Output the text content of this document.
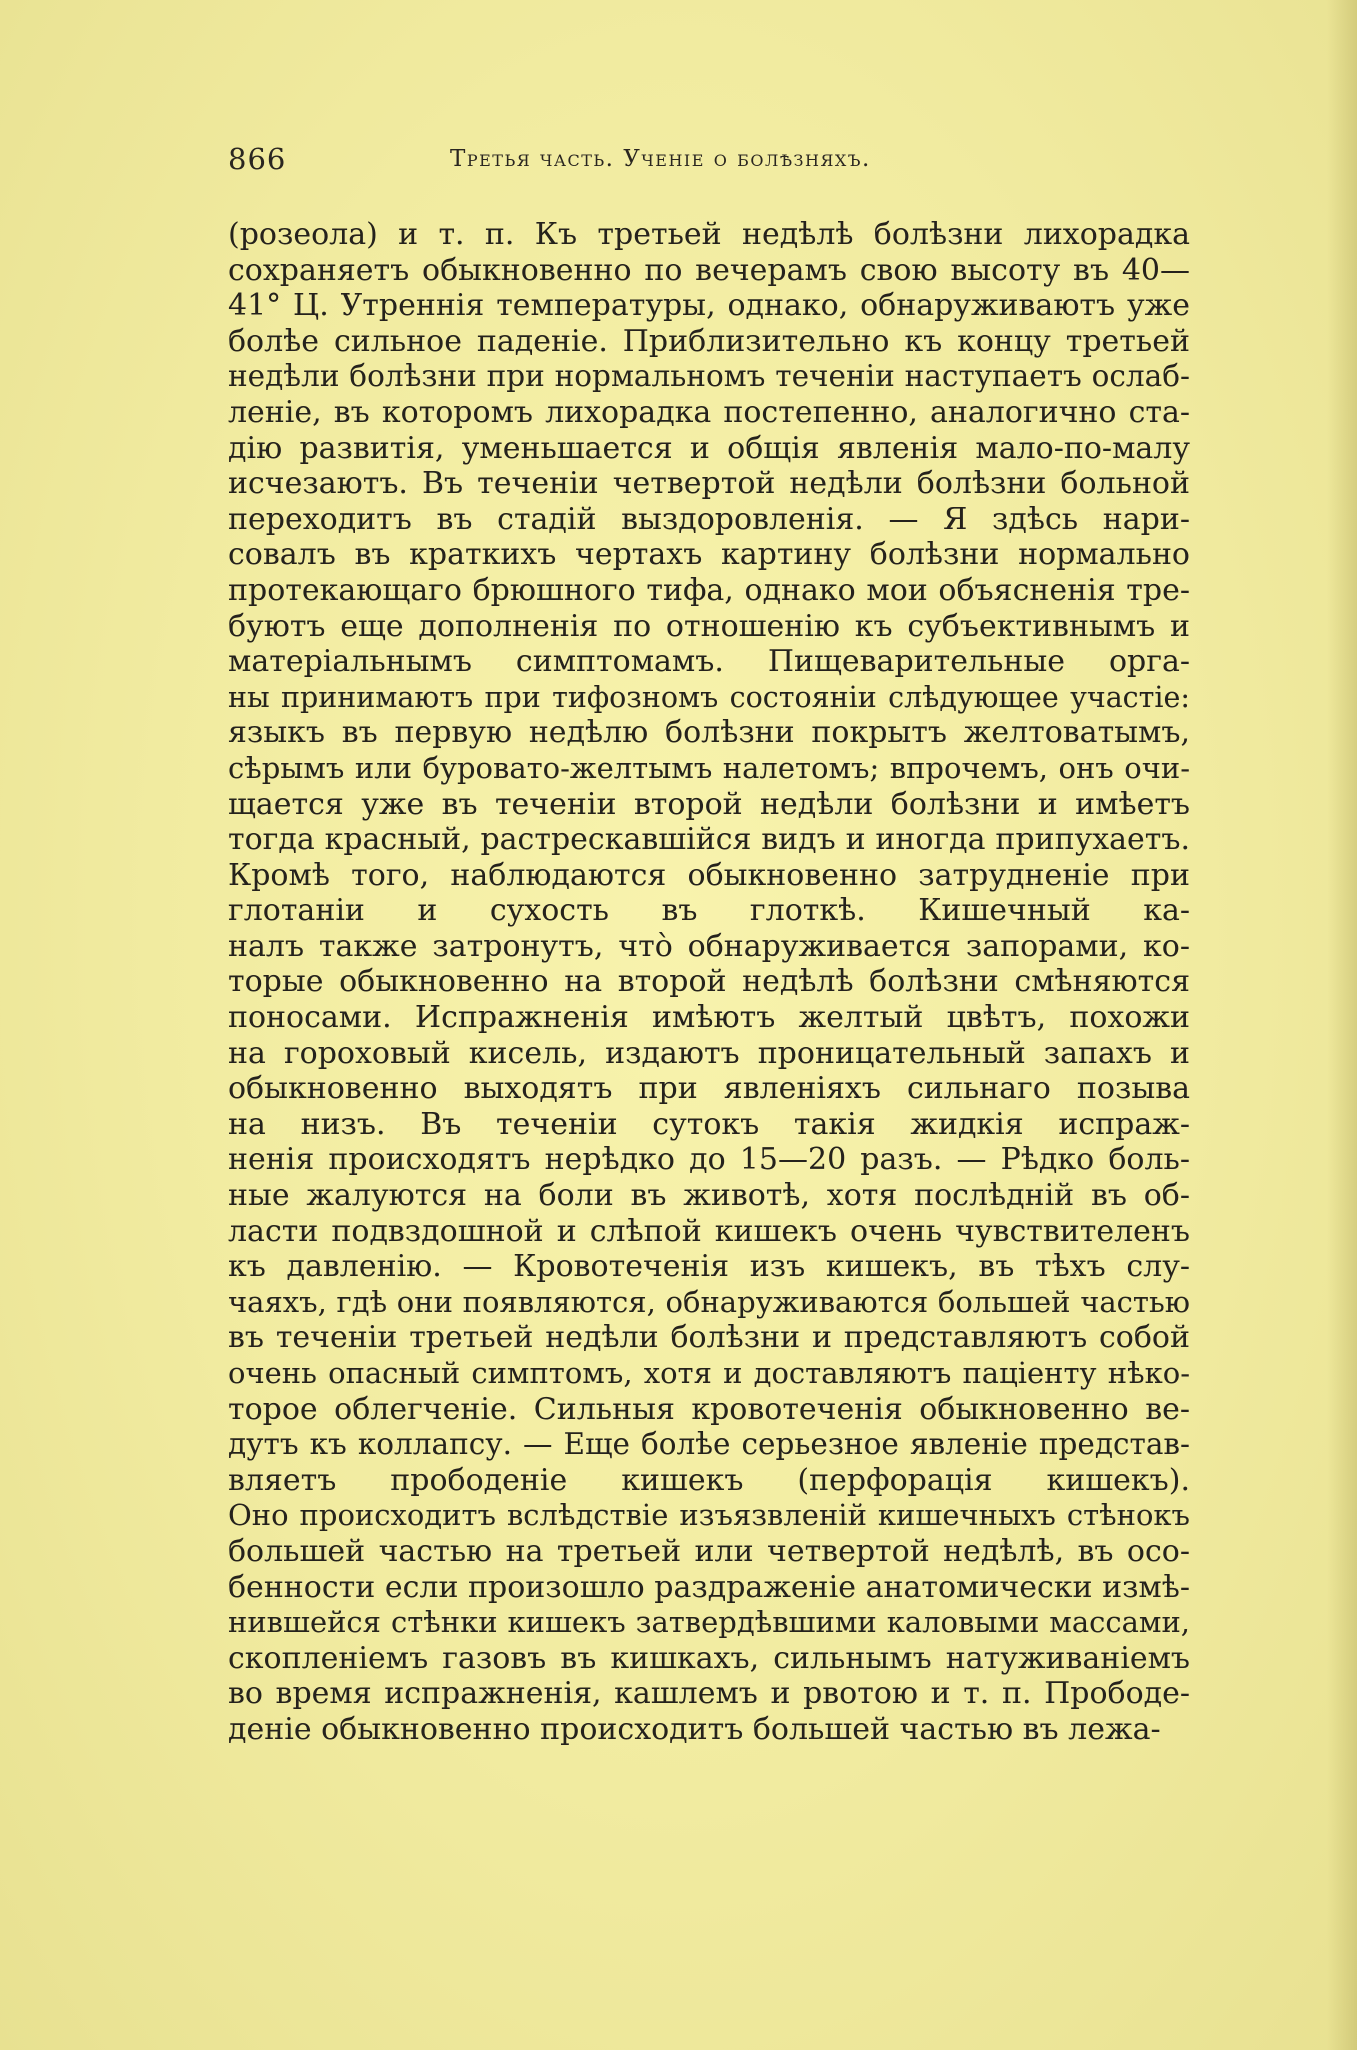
866	Третья часть. Ученіе о болѣзняхъ.
(розеола) и т. п. Къ третьей недѣлѣ болѣзни лихорадка
сохраняетъ обыкновенно по вечерамъ свою высоту въ 40—
41° Ц. Утреннія температуры, однако, обнаруживаютъ уже
болѣе сильное паденіе. Приблизительно къ концу третьей
недѣли болѣзни при нормальномъ теченіи наступаетъ ослаб-
леніе, въ которомъ лихорадка постепенно, аналогично ста-
дію развитія, уменьшается и общія явленія мало-по-малу
исчезаютъ. Въ теченіи четвертой недѣли болѣзни больной
переходитъ въ стадій выздоровленія. — Я здѣсь нари-
совалъ въ краткихъ чертахъ картину болѣзни нормально
протекающаго брюшного тифа, однако мои объясненія тре-
буютъ еще дополненія по отношенію къ субъективнымъ и
матеріальнымъ симптомамъ. Пищеварительные орга-
ны принимаютъ при тифозномъ состояніи слѣдующее участіе:
языкъ въ первую недѣлю болѣзни покрытъ желтоватымъ,
сѣрымъ или буровато-желтымъ налетомъ; впрочемъ, онъ очи-
щается уже въ теченіи второй недѣли болѣзни и имѣетъ
тогда красный, растрескавшійся видъ и иногда припухаетъ.
Кромѣ того, наблюдаются обыкновенно затрудненіе при
глотаніи и сухость въ глоткѣ. Кишечный ка-
налъ также затронутъ, что̀ обнаруживается запорами, ко-
торые обыкновенно на второй недѣлѣ болѣзни смѣняются
поносами. Испражненія имѣютъ желтый цвѣтъ, похожи
на гороховый кисель, издаютъ проницательный запахъ и
обыкновенно выходятъ при явленіяхъ сильнаго позыва
на низъ. Въ теченіи сутокъ такія жидкія испраж-
ненія происходятъ нерѣдко до 15—20 разъ. — Рѣдко боль-
ные жалуются на боли въ животѣ, хотя послѣдній въ об-
ласти подвздошной и слѣпой кишекъ очень чувствителенъ
къ давленію. — Кровотеченія изъ кишекъ, въ тѣхъ слу-
чаяхъ, гдѣ они появляются, обнаруживаются большей частью
въ теченіи третьей недѣли болѣзни и представляютъ собой
очень опасный симптомъ, хотя и доставляютъ паціенту нѣко-
торое облегченіе. Сильныя кровотеченія обыкновенно ве-
дутъ къ коллапсу. — Еще болѣе серьезное явленіе представ-
вляетъ прободеніе кишекъ (перфорація кишекъ).
Оно происходитъ вслѣдствіе изъязвленій кишечныхъ стѣнокъ
большей частью на третьей или четвертой недѣлѣ, въ осо-
бенности если произошло раздраженіе анатомически измѣ-
нившейся стѣнки кишекъ затвердѣвшими каловыми массами,
скопленіемъ газовъ въ кишкахъ, сильнымъ натуживаніемъ
во время испражненія, кашлемъ и рвотою и т. п. Прободе-
деніе обыкновенно происходитъ большей частью въ лежа-
